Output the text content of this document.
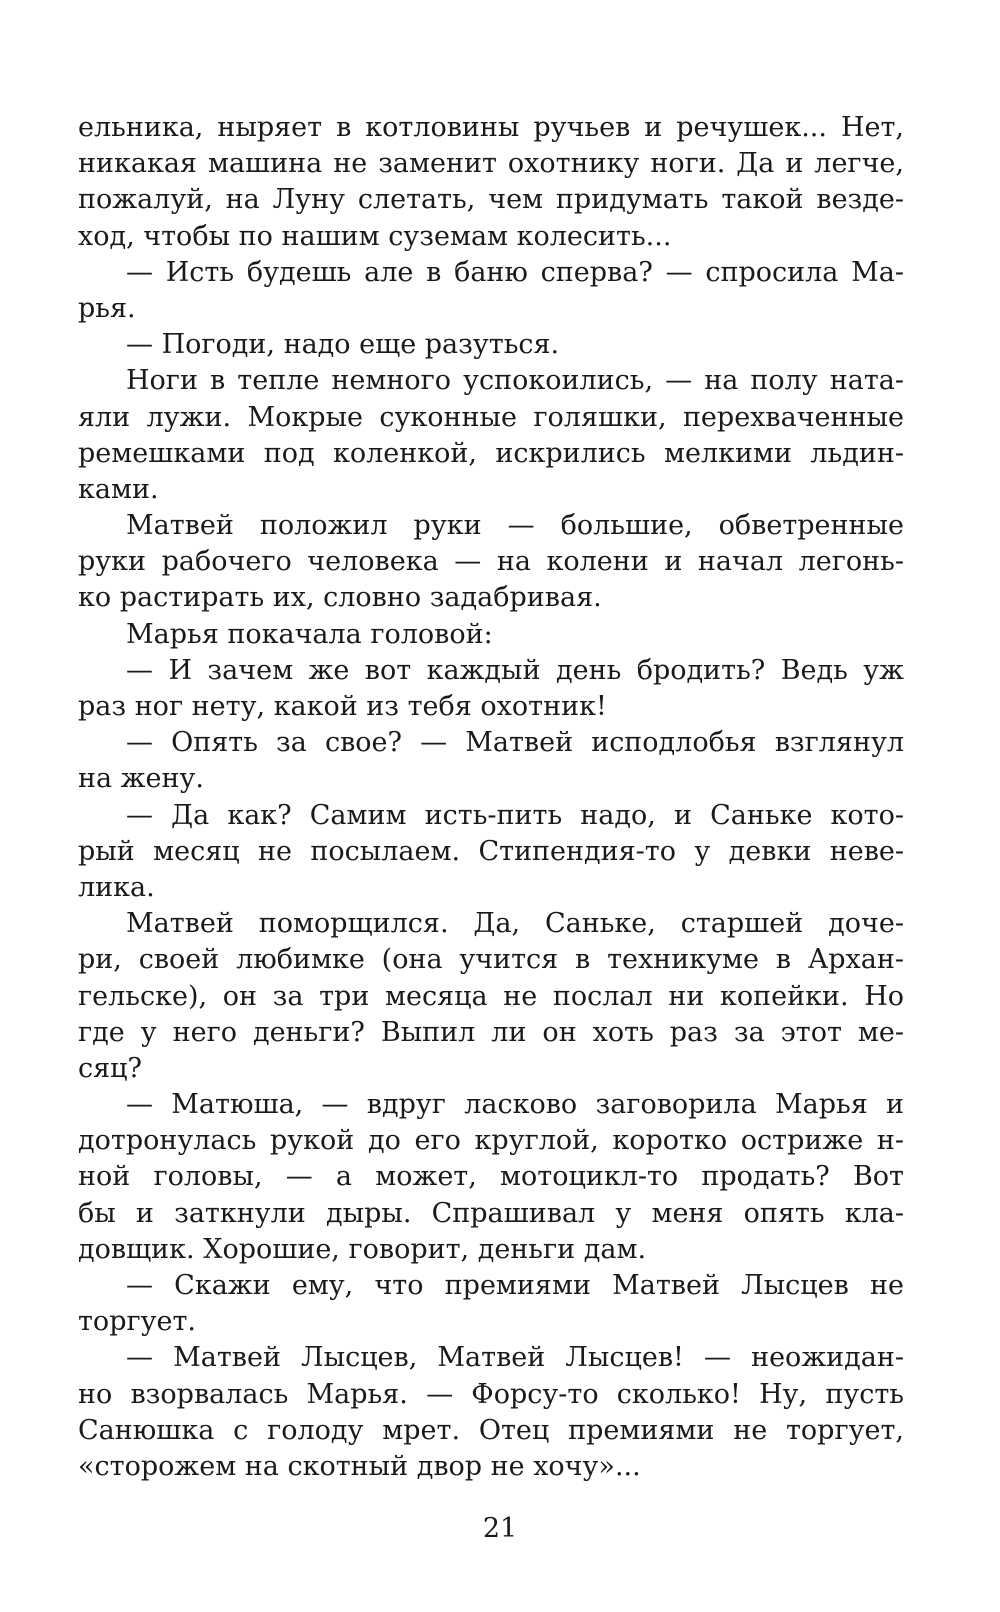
ельника, ныряет в котловины ручьев и речушек... Нет,
никакая машина не заменит охотнику ноги. Да и легче,
пожалуй, на Луну слетать, чем придумать такой везде-
ход, чтобы по нашим суземам колесить...
— Исть будешь але в баню сперва? — спросила Ма-
рья.
— Погоди, надо еще разуться.
Ноги в тепле немного успокоились, — на полу ната-
яли лужи. Мокрые суконные голяшки, перехваченные
ремешками под коленкой, искрились мелкими льдин-
ками.
Матвей положил руки — большие, обветренные
руки рабочего человека — на колени и начал легонь-
ко растирать их, словно задабривая.
Марья покачала головой:
— И зачем же вот каждый день бродить? Ведь уж
раз ног нету, какой из тебя охотник!
— Опять за свое? — Матвей исподлобья взглянул
на жену.
— Да как? Самим исть-пить надо, и Саньке кото-
рый месяц не посылаем. Стипендия-то у девки неве-
лика.
Матвей поморщился. Да, Саньке, старшей доче-
ри, своей любимке (она учится в техникуме в Архан-
гельске), он за три месяца не послал ни копейки. Но
где у него деньги? Выпил ли он хоть раз за этот ме-
сяц?
— Матюша, — вдруг ласково заговорила Марья и
дотронулась рукой до его круглой, коротко остриже н-
ной головы, — а может, мотоцикл-то продать? Вот
бы и заткнули дыры. Спрашивал у меня опять кла-
довщик. Хорошие, говорит, деньги дам.
— Скажи ему, что премиями Матвей Лысцев не
торгует.
— Матвей Лысцев, Матвей Лысцев! — неожидан-
но взорвалась Марья. — Форсу-то сколько! Ну, пусть
Санюшка с голоду мрет. Отец премиями не торгует,
«сторожем на скотный двор не хочу»...
21
